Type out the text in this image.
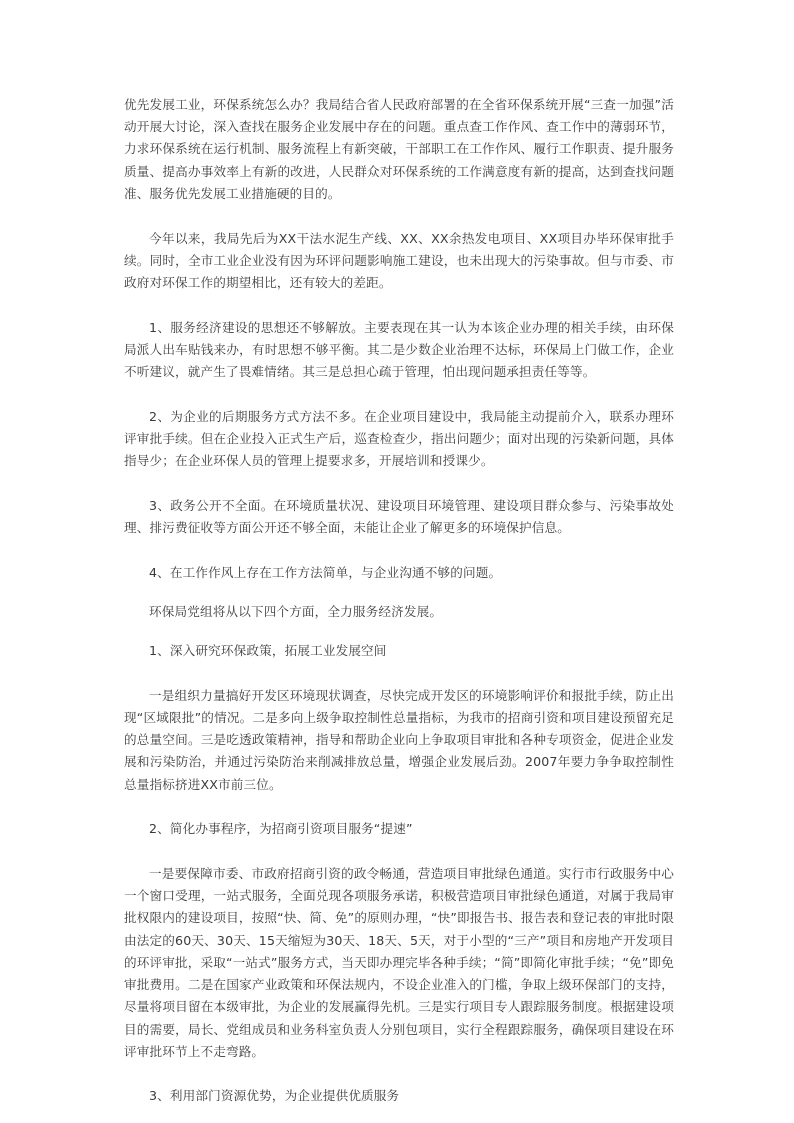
优先发展工业，环保系统怎么办？我局结合省人民政府部署的在全省环保系统开展“三查一加强”活动开展大讨论，深入查找在服务企业发展中存在的问题。重点查工作作风、查工作中的薄弱环节，力求环保系统在运行机制、服务流程上有新突破，干部职工在工作作风、履行工作职责、提升服务质量、提高办事效率上有新的改进，人民群众对环保系统的工作满意度有新的提高，达到查找问题准、服务优先发展工业措施硬的目的。

今年以来，我局先后为XX干法水泥生产线、XX、XX余热发电项目、XX项目办毕环保审批手续。同时，全市工业企业没有因为环评问题影响施工建设，也未出现大的污染事故。但与市委、市政府对环保工作的期望相比，还有较大的差距。

1、服务经济建设的思想还不够解放。主要表现在其一认为本该企业办理的相关手续，由环保局派人出车贴钱来办，有时思想不够平衡。其二是少数企业治理不达标，环保局上门做工作，企业不听建议，就产生了畏难情绪。其三是总担心疏于管理，怕出现问题承担责任等等。

2、为企业的后期服务方式方法不多。在企业项目建设中，我局能主动提前介入，联系办理环评审批手续。但在企业投入正式生产后，巡查检查少，指出问题少；面对出现的污染新问题，具体指导少；在企业环保人员的管理上提要求多，开展培训和授课少。

3、政务公开不全面。在环境质量状况、建设项目环境管理、建设项目群众参与、污染事故处理、排污费征收等方面公开还不够全面，未能让企业了解更多的环境保护信息。

4、在工作作风上存在工作方法简单，与企业沟通不够的问题。

环保局党组将从以下四个方面，全力服务经济发展。

1、深入研究环保政策，拓展工业发展空间

一是组织力量搞好开发区环境现状调查，尽快完成开发区的环境影响评价和报批手续，防止出现“区域限批”的情况。二是多向上级争取控制性总量指标，为我市的招商引资和项目建设预留充足的总量空间。三是吃透政策精神，指导和帮助企业向上争取项目审批和各种专项资金，促进企业发展和污染防治，并通过污染防治来削减排放总量，增强企业发展后劲。2007年要力争争取控制性总量指标挤进XX市前三位。

2、简化办事程序，为招商引资项目服务“提速”

一是要保障市委、市政府招商引资的政令畅通，营造项目审批绿色通道。实行市行政服务中心一个窗口受理，一站式服务，全面兑现各项服务承诺，积极营造项目审批绿色通道，对属于我局审批权限内的建设项目，按照“快、简、免”的原则办理，“快”即报告书、报告表和登记表的审批时限由法定的60天、30天、15天缩短为30天、18天、5天，对于小型的“三产”项目和房地产开发项目的环评审批，采取“一站式”服务方式，当天即办理完毕各种手续；“简”即简化审批手续；“免”即免审批费用。二是在国家产业政策和环保法规内，不设企业准入的门槛，争取上级环保部门的支持，尽量将项目留在本级审批，为企业的发展赢得先机。三是实行项目专人跟踪服务制度。根据建设项目的需要，局长、党组成员和业务科室负责人分别包项目，实行全程跟踪服务，确保项目建设在环评审批环节上不走弯路。

3、利用部门资源优势，为企业提供优质服务
